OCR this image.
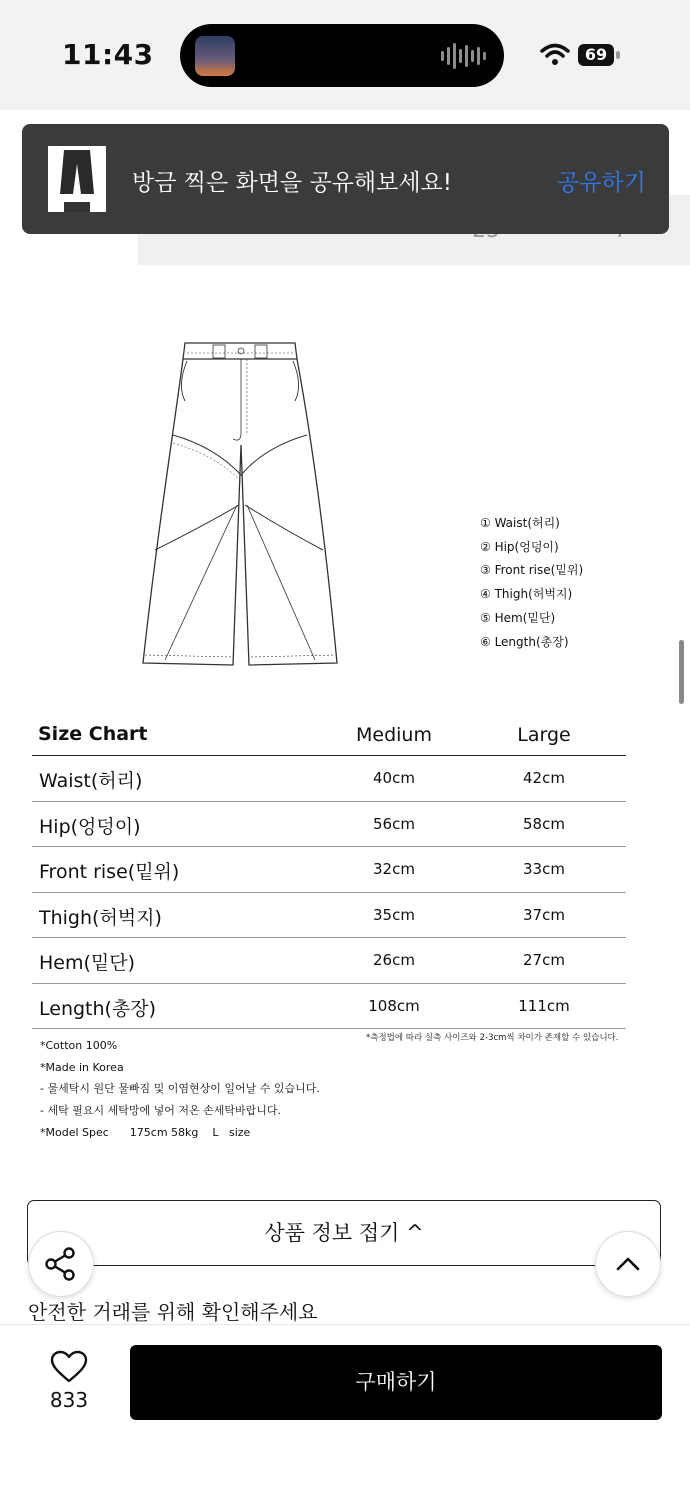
11:43	69
방금 찍은 화면을 공유해보세요!	공유하기
① Waist(허리)
② Hip(엉덩이)
③ Front rise(밑위)
④ Thigh(허벅지)
⑤ Hem(밑단)
⑥ Length(총장)
Size Chart	Medium	Large
Waist(허리)	40cm	42cm
Hip(엉덩이)	56cm	58cm
Front rise(밑위)	32cm	33cm
Thigh(허벅지)	35cm	37cm
Hem(밑단)	26cm	27cm
Length(총장)	108cm	111cm
*측정법에 따라 실측 사이즈와 2-3cm씩 차이가 존재할 수 있습니다.
*Cotton 100%
*Made in Korea
- 물세탁시 원단 물빠짐 및 이염현상이 일어날 수 있습니다.
- 세탁 필요시 세탁망에 넣어 저온 손세탁바랍니다.
*Model Spec      175cm 58kg    L   size
상품 정보 접기 ^
안전한 거래를 위해 확인해주세요
833
구매하기
